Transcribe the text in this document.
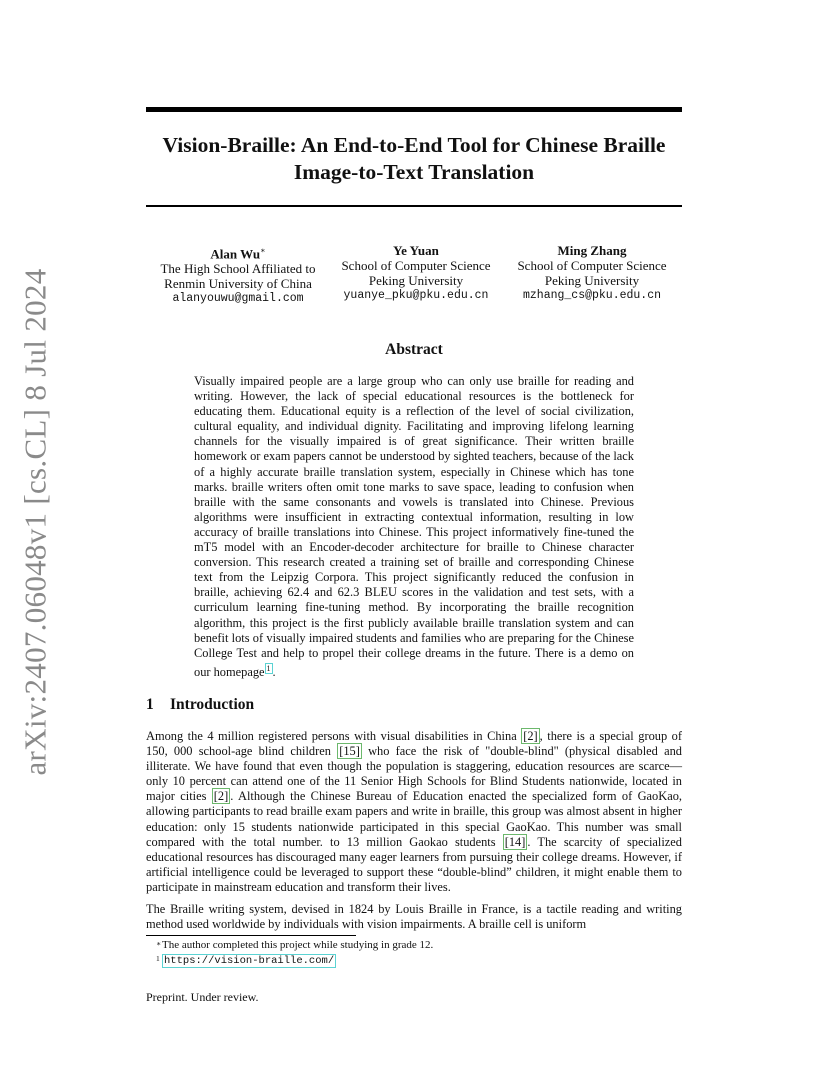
arXiv:2407.06048v1 [cs.CL] 8 Jul 2024
Vision-Braille: An End-to-End Tool for Chinese Braille
Image-to-Text Translation
Alan Wu∗
The High School Affiliated to
Renmin University of China
alanyouwu@gmail.com
Ye Yuan
School of Computer Science
Peking University
yuanye_pku@pku.edu.cn
Ming Zhang
School of Computer Science
Peking University
mzhang_cs@pku.edu.cn
Abstract
Visually impaired people are a large group who can only use braille for reading and writing. However, the lack of special educational resources is the bottleneck for educating them. Educational equity is a reflection of the level of social civilization, cultural equality, and individual dignity. Facilitating and improving lifelong learning channels for the visually impaired is of great significance. Their written braille homework or exam papers cannot be understood by sighted teachers, because of the lack of a highly accurate braille translation system, especially in Chinese which has tone marks. braille writers often omit tone marks to save space, leading to confusion when braille with the same consonants and vowels is translated into Chinese. Previous algorithms were insufficient in extracting contextual information, resulting in low accuracy of braille translations into Chinese. This project informatively fine-tuned the mT5 model with an Encoder-decoder architecture for braille to Chinese character conversion. This research created a training set of braille and corresponding Chinese text from the Leipzig Corpora. This project significantly reduced the confusion in braille, achieving 62.4 and 62.3 BLEU scores in the validation and test sets, with a curriculum learning fine-tuning method. By incorporating the braille recognition algorithm, this project is the first publicly available braille translation system and can benefit lots of visually impaired students and families who are preparing for the Chinese College Test and help to propel their college dreams in the future. There is a demo on our homepage $^1$ .
1 Introduction

Among the 4 million registered persons with visual disabilities in China [2] , there is a special group of 150, 000 school-age blind children [15] who face the risk of "double-blind" (physical disabled and illiterate. We have found that even though the population is staggering, education resources are scarce—only 10 percent can attend one of the 11 Senior High Schools for Blind Students nationwide, located in major cities [2] . Although the Chinese Bureau of Education enacted the specialized form of GaoKao, allowing participants to read braille exam papers and write in braille, this group was almost absent in higher education: only 15 students nationwide participated in this special GaoKao. This number was small compared with the total number. to 13 million Gaokao students [14] . The scarcity of specialized educational resources has discouraged many eager learners from pursuing their college dreams. However, if artificial intelligence could be leveraged to support these “double-blind” children, it might enable them to participate in mainstream education and transform their lives.

The Braille writing system, devised in 1824 by Louis Braille in France, is a tactile reading and writing method used worldwide by individuals with vision impairments. A braille cell is uniform

∗ The author completed this project while studying in grade 12.
1 https://vision-braille.com/
Preprint. Under review.
